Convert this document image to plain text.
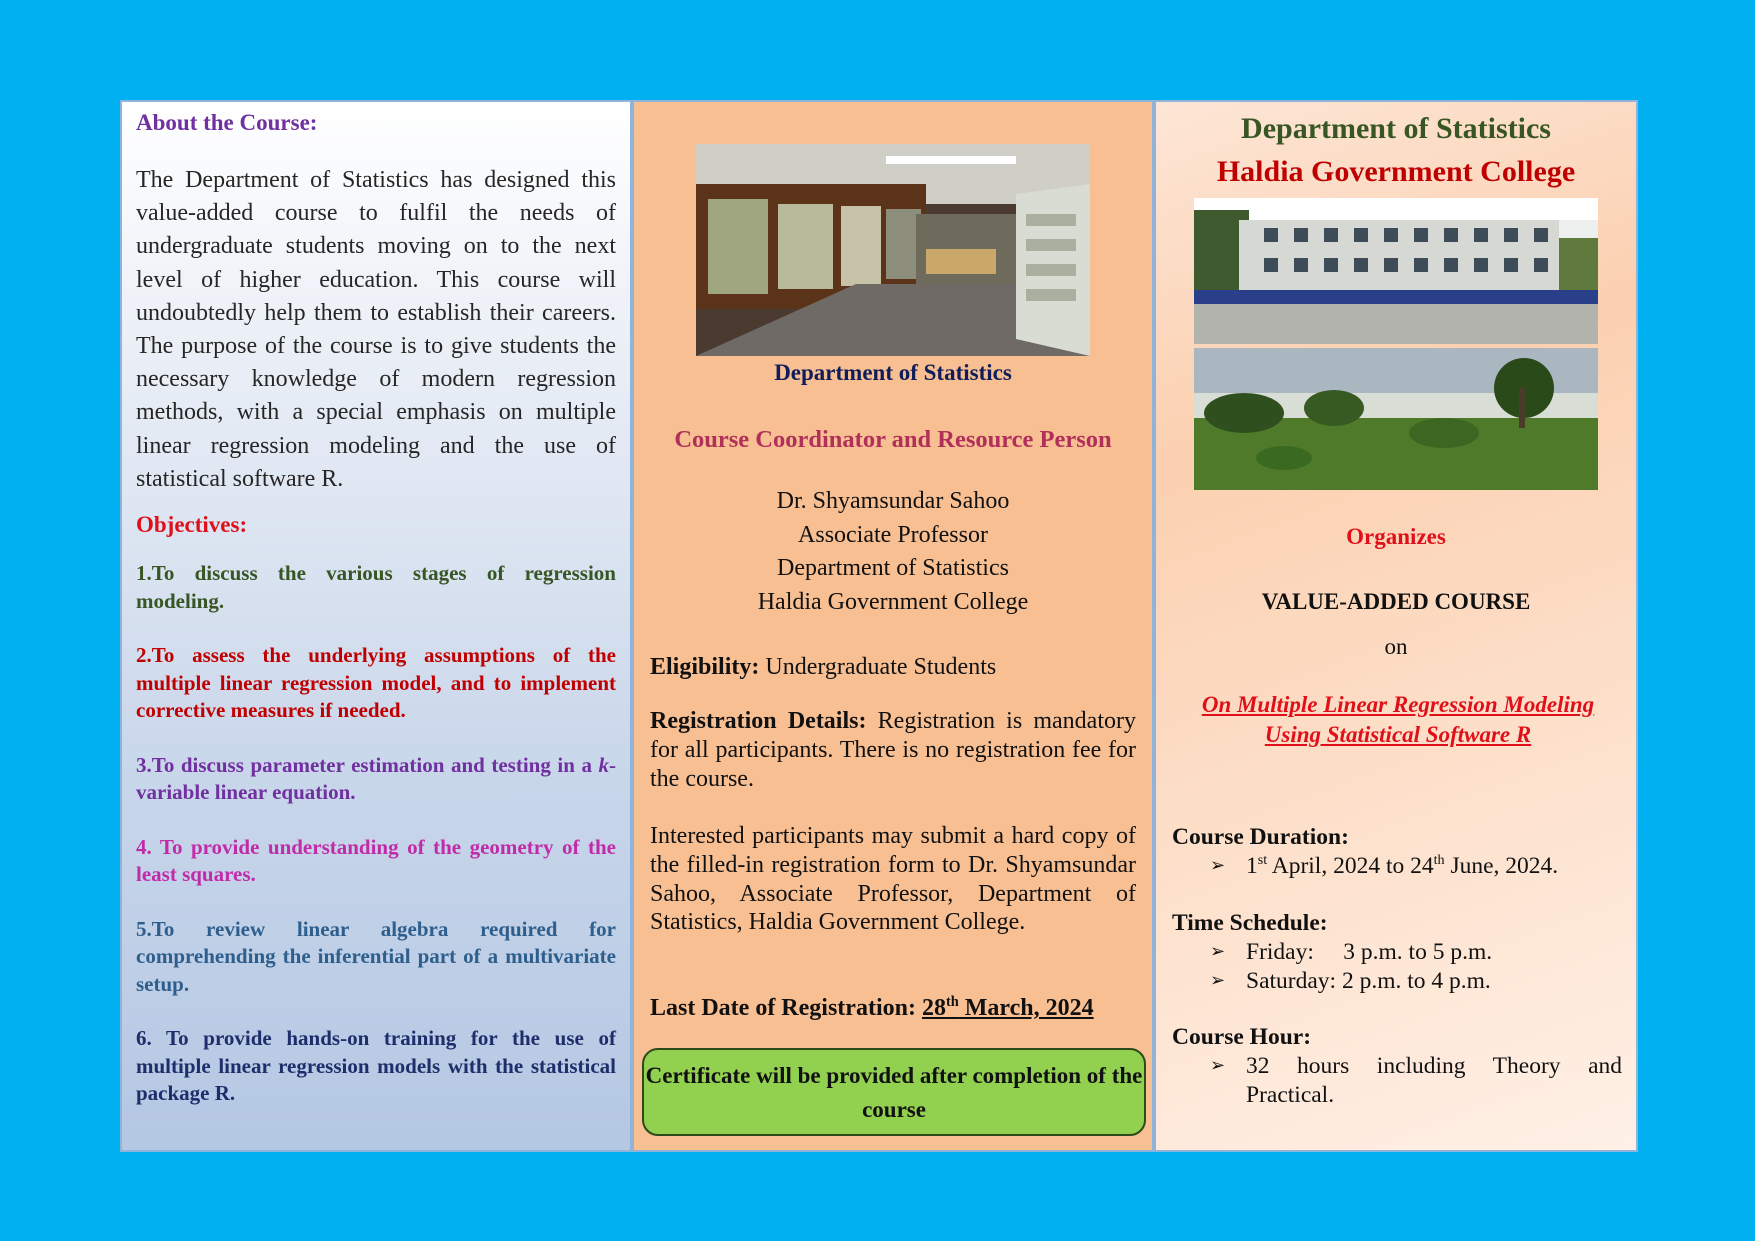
About the Course:
The Department of Statistics has designed this value-added course to fulfil the needs of undergraduate students moving on to the next level of higher education. This course will undoubtedly help them to establish their careers. The purpose of the course is to give students the necessary knowledge of modern regression methods, with a special emphasis on multiple linear regression modeling and the use of statistical software R.
Objectives:
1.To discuss the various stages of regression modeling.
2.To assess the underlying assumptions of the multiple linear regression model, and to implement corrective measures if needed.
3.To discuss parameter estimation and testing in a k-variable linear equation.
4. To provide understanding of the geometry of the least squares.
5.To review linear algebra required for comprehending the inferential part of a multivariate setup.
6. To provide hands-on training for the use of multiple linear regression models with the statistical package R.
Department of Statistics
Course Coordinator and Resource Person
Dr. Shyamsundar Sahoo
Associate Professor
Department of Statistics
Haldia Government College
Eligibility: Undergraduate Students
Registration Details: Registration is mandatory for all participants. There is no registration fee for the course.
Interested participants may submit a hard copy of the filled-in registration form to Dr. Shyamsundar Sahoo, Associate Professor, Department of Statistics, Haldia Government College.
Last Date of Registration: 28th March, 2024
Certificate will be provided after completion of the course
Department of Statistics
Haldia Government College
Organizes
VALUE-ADDED COURSE
on
On Multiple Linear Regression Modeling
Using Statistical Software R
Course Duration:
➢ 1st April, 2024 to 24th June, 2024.
Time Schedule:
➢ Friday:     3 p.m. to 5 p.m.
➢ Saturday: 2 p.m. to 4 p.m.
Course Hour:
➢ 32 hours including Theory and Practical.
